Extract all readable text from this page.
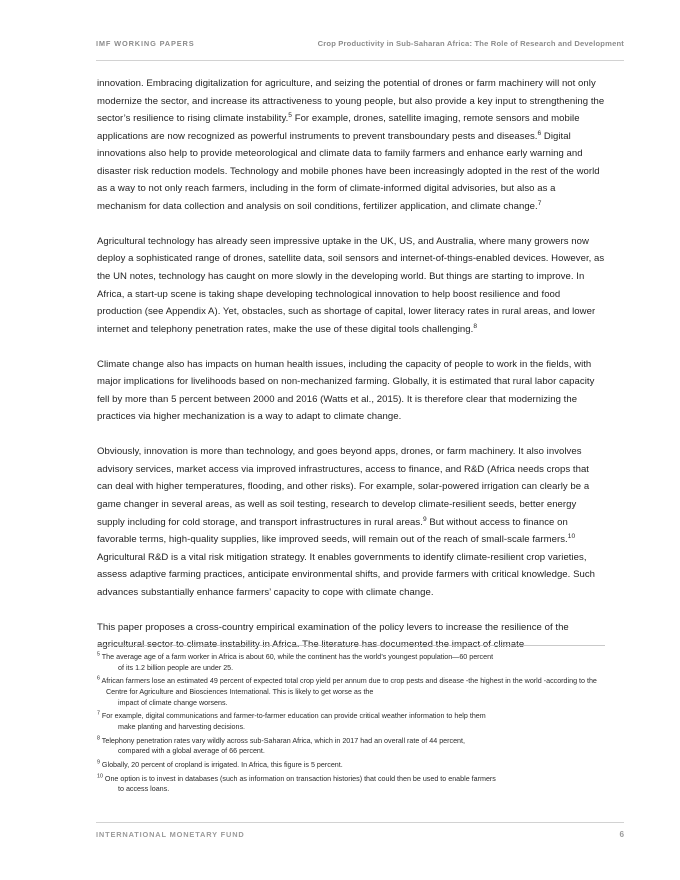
IMF WORKING PAPERS	Crop Productivity in Sub-Saharan Africa: The Role of Research and Development
innovation. Embracing digitalization for agriculture, and seizing the potential of drones or farm machinery will not only modernize the sector, and increase its attractiveness to young people, but also provide a key input to strengthening the sector’s resilience to rising climate instability.$^5$ For example, drones, satellite imaging, remote sensors and mobile applications are now recognized as powerful instruments to prevent transboundary pests and diseases.$^6$ Digital innovations also help to provide meteorological and climate data to family farmers and enhance early warning and disaster risk reduction models. Technology and mobile phones have been increasingly adopted in the rest of the world as a way to not only reach farmers, including in the form of climate-informed digital advisories, but also as a mechanism for data collection and analysis on soil conditions, fertilizer application, and climate change.$^7$
Agricultural technology has already seen impressive uptake in the UK, US, and Australia, where many growers now deploy a sophisticated range of drones, satellite data, soil sensors and internet-of-things-enabled devices. However, as the UN notes, technology has caught on more slowly in the developing world. But things are starting to improve. In Africa, a start-up scene is taking shape developing technological innovation to help boost resilience and food production (see Appendix A). Yet, obstacles, such as shortage of capital, lower literacy rates in rural areas, and lower internet and telephony penetration rates, make the use of these digital tools challenging.$^8$
Climate change also has impacts on human health issues, including the capacity of people to work in the fields, with major implications for livelihoods based on non-mechanized farming. Globally, it is estimated that rural labor capacity fell by more than 5 percent between 2000 and 2016 (Watts et al., 2015). It is therefore clear that modernizing the practices via higher mechanization is a way to adapt to climate change.
Obviously, innovation is more than technology, and goes beyond apps, drones, or farm machinery. It also involves advisory services, market access via improved infrastructures, access to finance, and R&D (Africa needs crops that can deal with higher temperatures, flooding, and other risks). For example, solar-powered irrigation can clearly be a game changer in several areas, as well as soil testing, research to develop climate-resilient seeds, better energy supply including for cold storage, and transport infrastructures in rural areas.$^9$ But without access to finance on favorable terms, high-quality supplies, like improved seeds, will remain out of the reach of small-scale farmers.$^{10}$ Agricultural R&D is a vital risk mitigation strategy. It enables governments to identify climate-resilient crop varieties, assess adaptive farming practices, anticipate environmental shifts, and provide farmers with critical knowledge. Such advances substantially enhance farmers’ capacity to cope with climate change.
This paper proposes a cross-country empirical examination of the policy levers to increase the resilience of the agricultural sector to climate instability in Africa. The literature has documented the impact of climate
$^5$ The average age of a farm worker in Africa is about 60, while the continent has the world’s youngest population—60 percent
of its 1.2 billion people are under 25.
$^6$ African farmers lose an estimated 49 percent of expected total crop yield per annum due to crop pests and disease -the highest in the world -according to the Centre for Agriculture and Biosciences International. This is likely to get worse as the
impact of climate change worsens.
$^7$ For example, digital communications and farmer-to-farmer education can provide critical weather information to help them
make planting and harvesting decisions.
$^8$ Telephony penetration rates vary wildly across sub-Saharan Africa, which in 2017 had an overall rate of 44 percent,
compared with a global average of 66 percent.
$^9$ Globally, 20 percent of cropland is irrigated. In Africa, this figure is 5 percent.
$^{10}$ One option is to invest in databases (such as information on transaction histories) that could then be used to enable farmers
to access loans.
INTERNATIONAL MONETARY FUND	6
